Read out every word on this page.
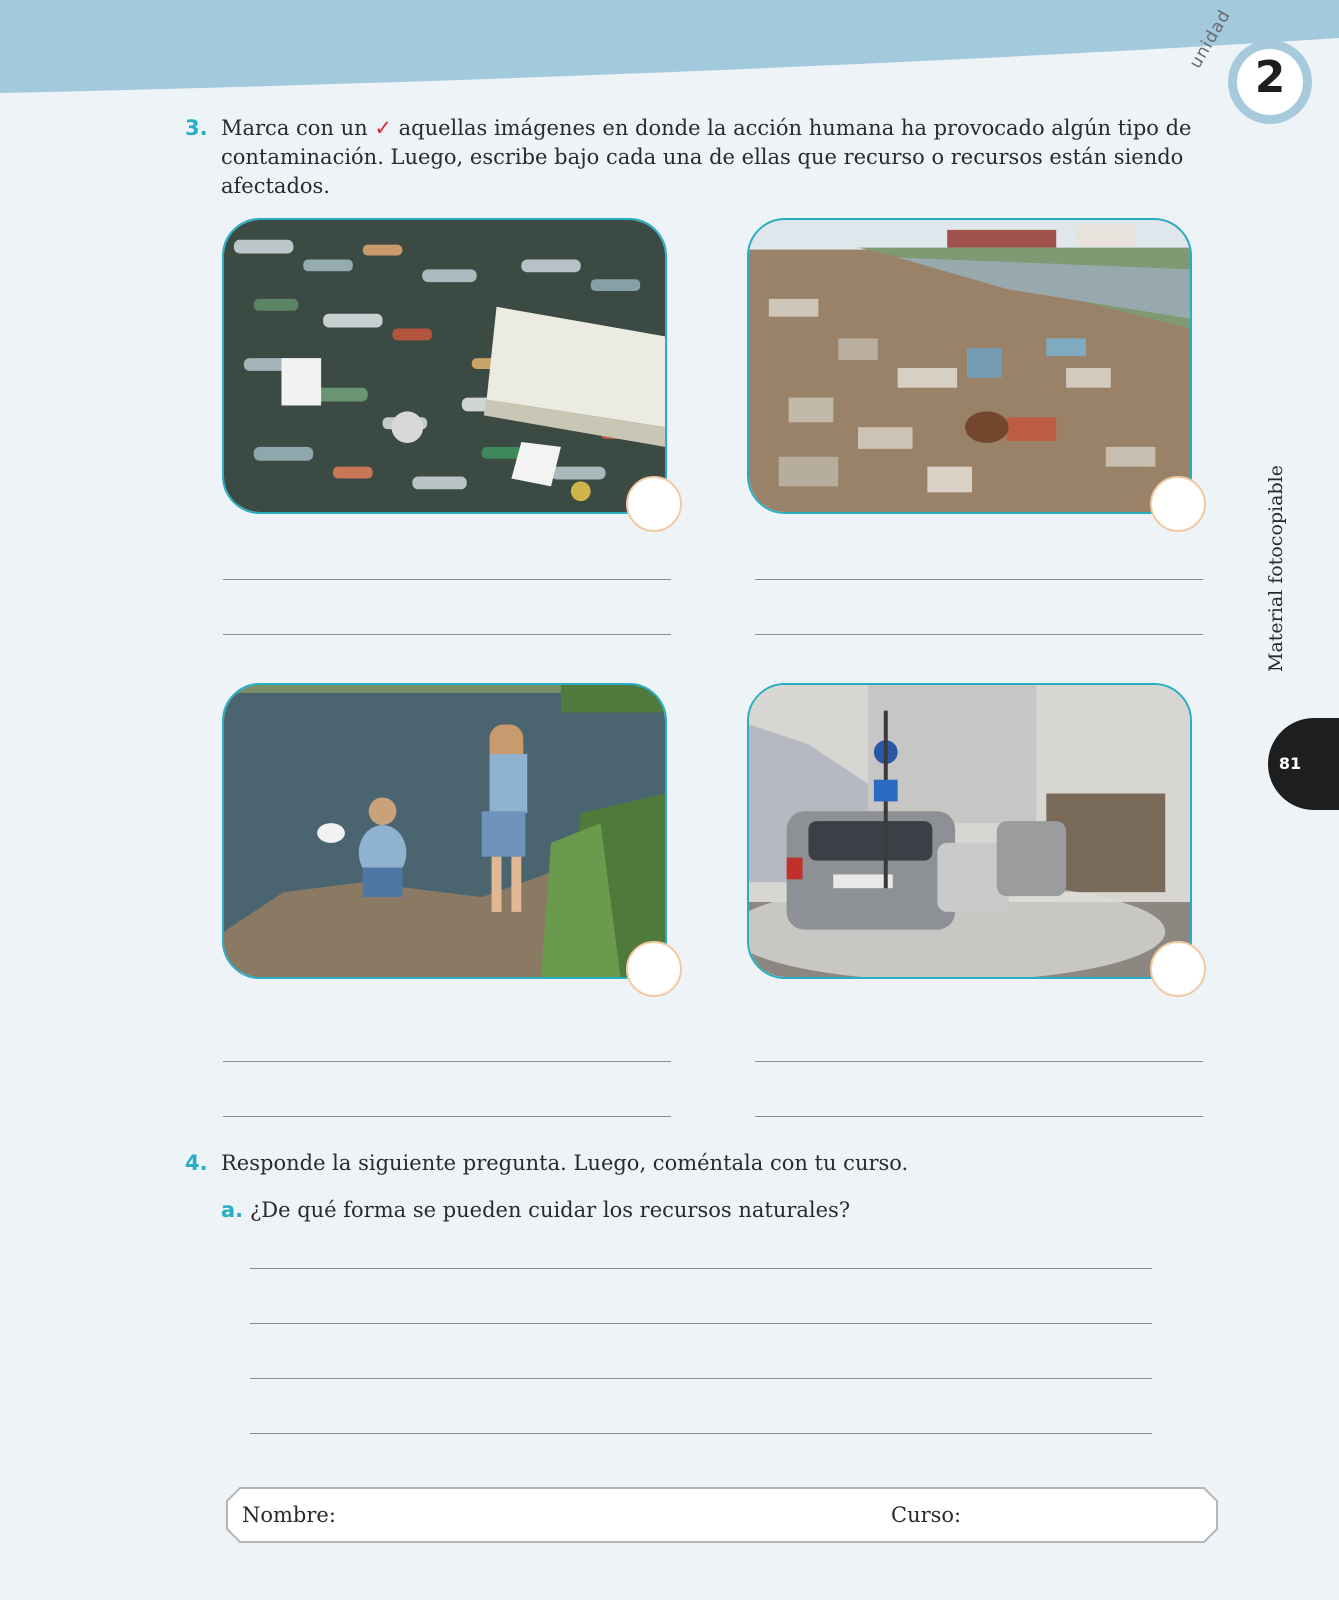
unidad
2
Material fotocopiable
81
3. Marca con un ✓ aquellas imágenes en donde la acción humana ha provocado algún tipo de
contaminación. Luego, escribe bajo cada una de ellas que recurso o recursos están siendo
afectados.
4. Responde la siguiente pregunta. Luego, coméntala con tu curso.
a. ¿De qué forma se pueden cuidar los recursos naturales?
Nombre:	Curso:
